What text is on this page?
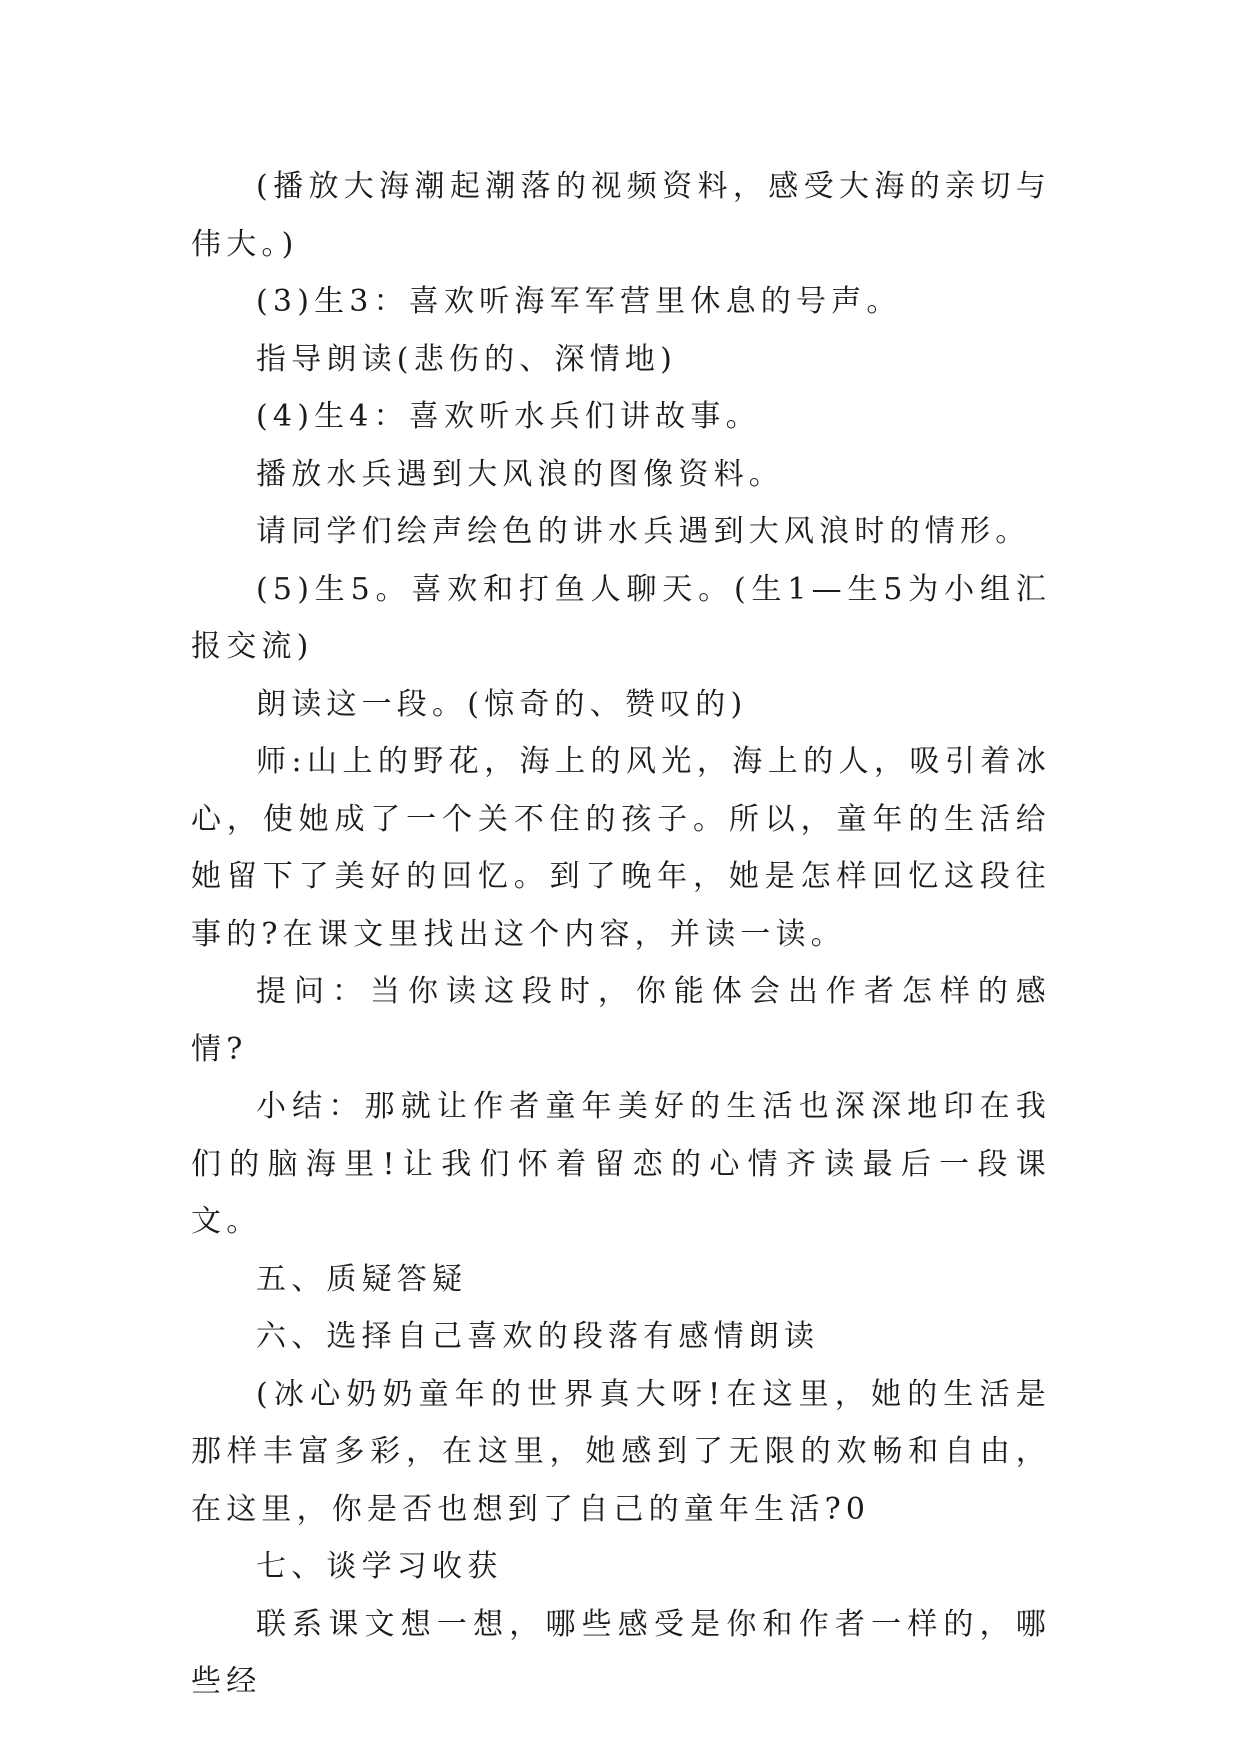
(播放大海潮起潮落的视频资料，感受大海的亲切与伟大。)

(3)生3：喜欢听海军军营里休息的号声。

指导朗读(悲伤的、深情地)

(4)生4：喜欢听水兵们讲故事。

播放水兵遇到大风浪的图像资料。

请同学们绘声绘色的讲水兵遇到大风浪时的情形。

(5)生5。喜欢和打鱼人聊天。(生1—生5为小组汇报交流)

朗读这一段。(惊奇的、赞叹的)

师:山上的野花，海上的风光，海上的人，吸引着冰心，使她成了一个关不住的孩子。所以，童年的生活给她留下了美好的回忆。到了晚年，她是怎样回忆这段往事的?在课文里找出这个内容，并读一读。

提问：当你读这段时，你能体会出作者怎样的感情?

小结：那就让作者童年美好的生活也深深地印在我们的脑海里!让我们怀着留恋的心情齐读最后一段课文。

五、质疑答疑

六、选择自己喜欢的段落有感情朗读

(冰心奶奶童年的世界真大呀!在这里，她的生活是那样丰富多彩，在这里，她感到了无限的欢畅和自由，在这里，你是否也想到了自己的童年生活?0

七、谈学习收获

联系课文想一想，哪些感受是你和作者一样的，哪些经
